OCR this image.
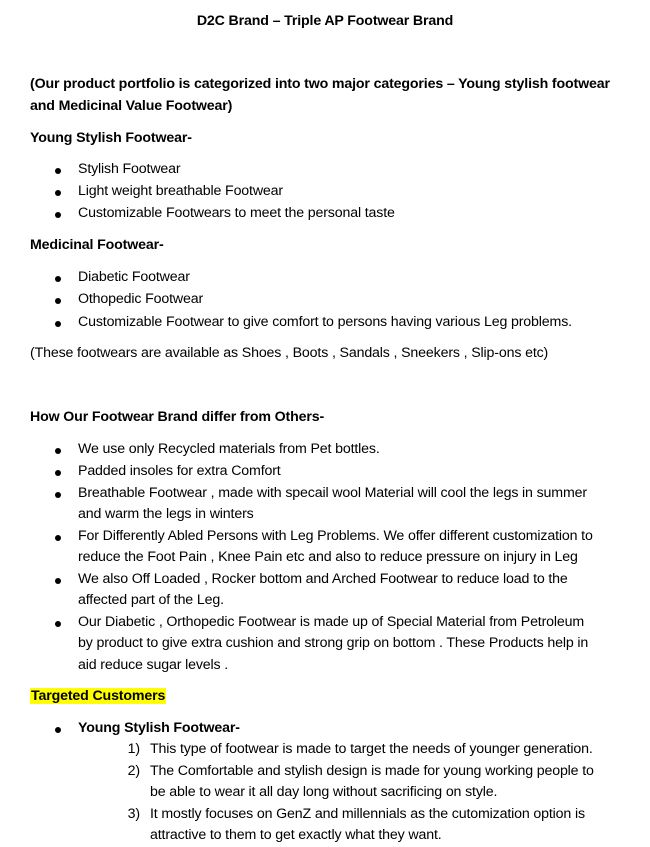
D2C Brand – Triple AP Footwear Brand
(Our product portfolio is categorized into two major categories – Young stylish footwear
and Medicinal Value Footwear)
Young Stylish Footwear-
Stylish Footwear
Light weight breathable Footwear
Customizable Footwears to meet the personal taste
Medicinal Footwear-
Diabetic Footwear
Othopedic Footwear
Customizable Footwear to give comfort to persons having various Leg problems.
(These footwears are available as Shoes , Boots , Sandals , Sneekers , Slip-ons etc)
How Our Footwear Brand differ from Others-
We use only Recycled materials from Pet bottles.
Padded insoles for extra Comfort
Breathable Footwear , made with specail wool Material will cool the legs in summer
and warm the legs in winters
For Differently Abled Persons with Leg Problems. We offer different customization to
reduce the Foot Pain , Knee Pain etc and also to reduce pressure on injury in Leg
We also Off Loaded , Rocker bottom and Arched Footwear to reduce load to the
affected part of the Leg.
Our Diabetic , Orthopedic Footwear is made up of Special Material from Petroleum
by product to give extra cushion and strong grip on bottom . These Products help in
aid reduce sugar levels .
Targeted Customers
Young Stylish Footwear-
1) This type of footwear is made to target the needs of younger generation.
2) The Comfortable and stylish design is made for young working people to
be able to wear it all day long without sacrificing on style.
3) It mostly focuses on GenZ and millennials as the cutomization option is
attractive to them to get exactly what they want.
